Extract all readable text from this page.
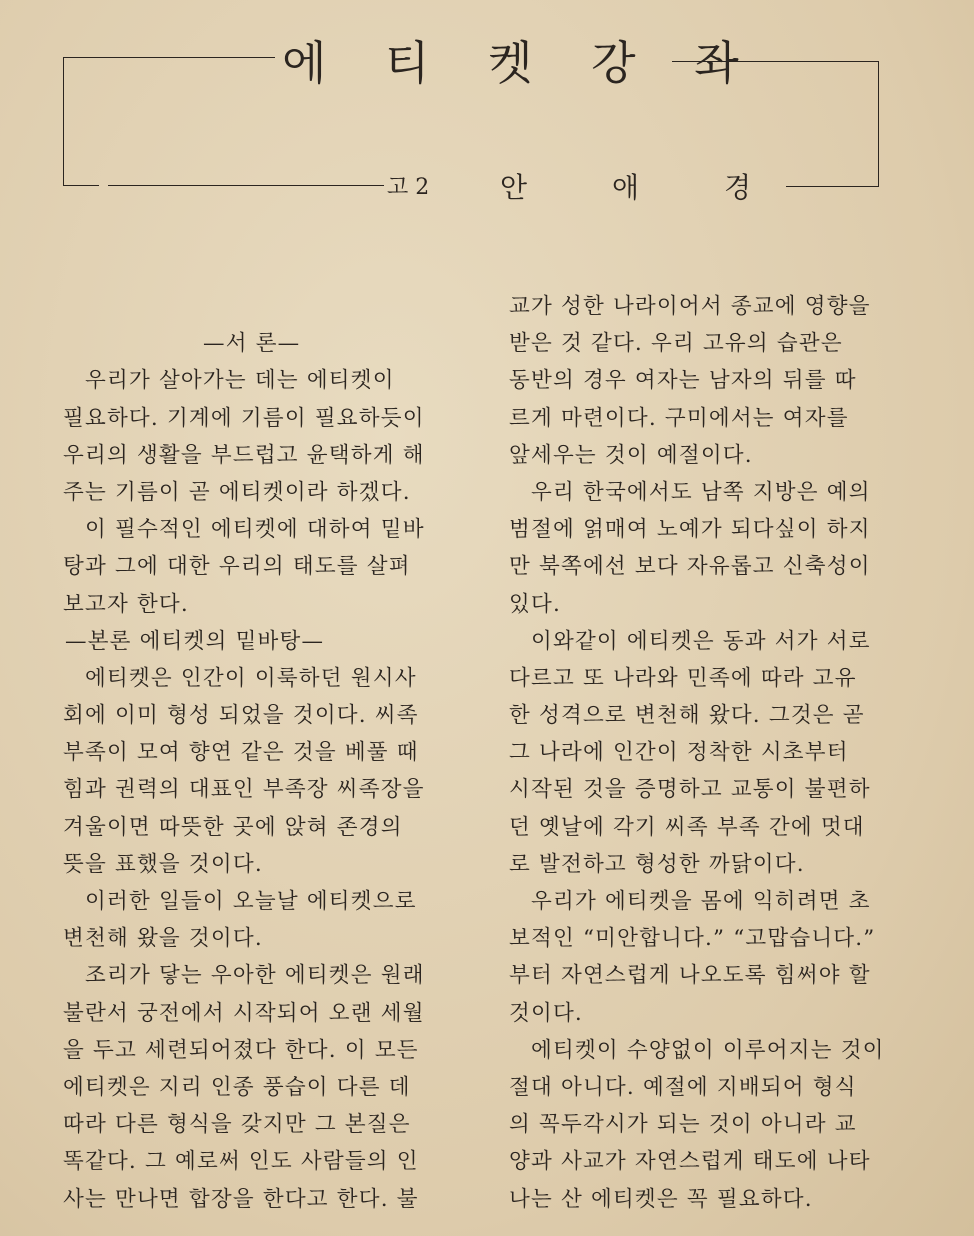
에 티 켓 강 좌
고 2	안	애	경
—서 론—
우리가 살아가는 데는 에티켓이
필요하다. 기계에 기름이 필요하듯이
우리의 생활을 부드럽고 윤택하게 해
주는 기름이 곧 에티켓이라 하겠다.
이 필수적인 에티켓에 대하여 밑바
탕과 그에 대한 우리의 태도를 살펴
보고자 한다.
—본론 에티켓의 밑바탕—
에티켓은 인간이 이룩하던 원시사
회에 이미 형성 되었을 것이다. 씨족
부족이 모여 향연 같은 것을 베풀 때
힘과 권력의 대표인 부족장 씨족장을
겨울이면 따뜻한 곳에 앉혀 존경의
뜻을 표했을 것이다.
이러한 일들이 오늘날 에티켓으로
변천해 왔을 것이다.
조리가 닿는 우아한 에티켓은 원래
불란서 궁전에서 시작되어 오랜 세월
을 두고 세련되어졌다 한다. 이 모든
에티켓은 지리 인종 풍습이 다른 데
따라 다른 형식을 갖지만 그 본질은
똑같다. 그 예로써 인도 사람들의 인
사는 만나면 합장을 한다고 한다. 불
교가 성한 나라이어서 종교에 영향을
받은 것 같다. 우리 고유의 습관은
동반의 경우 여자는 남자의 뒤를 따
르게 마련이다. 구미에서는 여자를
앞세우는 것이 예절이다.
우리 한국에서도 남쪽 지방은 예의
범절에 얽매여 노예가 되다싶이 하지
만 북쪽에선 보다 자유롭고 신축성이
있다.
이와같이 에티켓은 동과 서가 서로
다르고 또 나라와 민족에 따라 고유
한 성격으로 변천해 왔다. 그것은 곧
그 나라에 인간이 정착한 시초부터
시작된 것을 증명하고 교통이 불편하
던 옛날에 각기 씨족 부족 간에 멋대
로 발전하고 형성한 까닭이다.
우리가 에티켓을 몸에 익히려면 초
보적인 “미안합니다.” “고맙습니다.”
부터 자연스럽게 나오도록 힘써야 할
것이다.
에티켓이 수양없이 이루어지는 것이
절대 아니다. 예절에 지배되어 형식
의 꼭두각시가 되는 것이 아니라 교
양과 사교가 자연스럽게 태도에 나타
나는 산 에티켓은 꼭 필요하다.
